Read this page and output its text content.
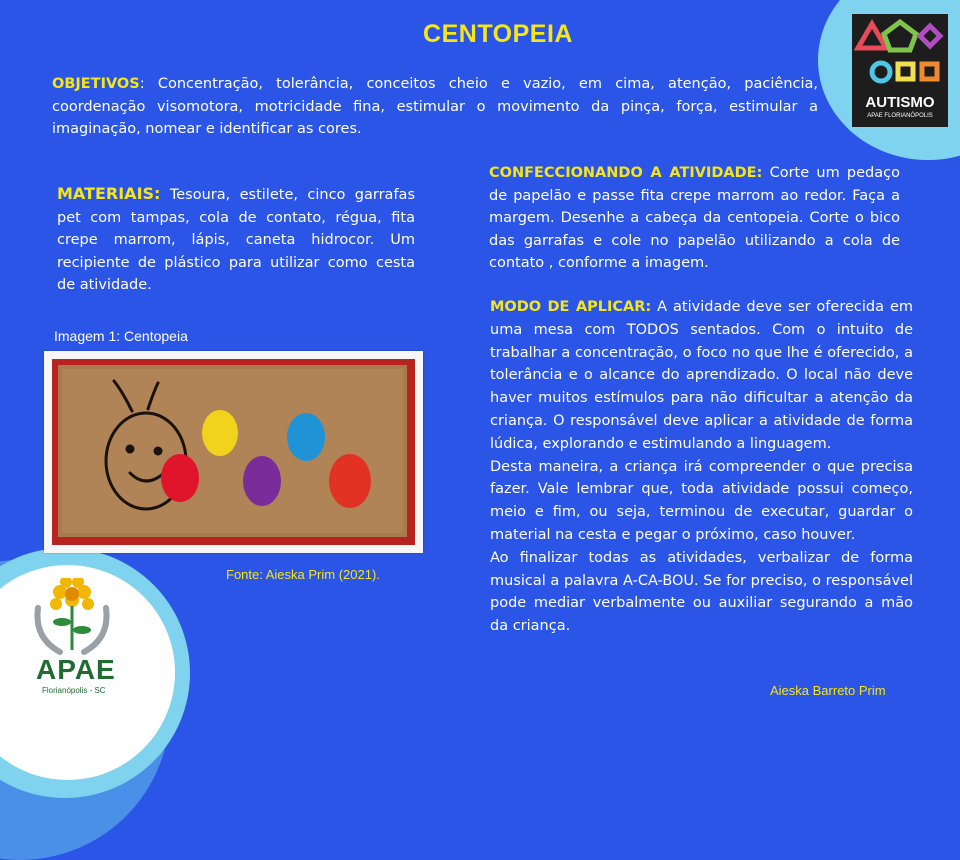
CENTOPEIA
OBJETIVOS: Concentração, tolerância, conceitos cheio e vazio, em cima, atenção, paciência, coordenação visomotora, motricidade fina, estimular o movimento da pinça, força, estimular a imaginação, nomear e identificar as cores.
MATERIAIS: Tesoura, estilete, cinco garrafas pet com tampas, cola de contato, régua, fita crepe marrom, lápis, caneta hidrocor. Um recipiente de plástico para utilizar como cesta de atividade.
CONFECCIONANDO A ATIVIDADE: Corte um pedaço de papelão e passe fita crepe marrom ao redor. Faça a margem. Desenhe a cabeça da centopeia. Corte o bico das garrafas e cole no papelão utilizando a cola de contato , conforme a imagem.
MODO DE APLICAR: A atividade deve ser oferecida em uma mesa com TODOS sentados. Com o intuito de trabalhar a concentração, o foco no que lhe é oferecido, a tolerância e o alcance do aprendizado. O local não deve haver muitos estímulos para não dificultar a atenção da criança. O responsável deve aplicar a atividade de forma lúdica, explorando e estimulando a linguagem.
Desta maneira, a criança irá compreender o que precisa fazer. Vale lembrar que, toda atividade possui começo, meio e fim, ou seja, terminou de executar, guardar o material na cesta e pegar o próximo, caso houver.
Ao finalizar todas as atividades, verbalizar de forma musical a palavra A-CA-BOU. Se for preciso, o responsável pode mediar verbalmente ou auxiliar segurando a mão da criança.
Imagem 1: Centopeia
Fonte: Aieska Prim (2021).
Aieska Barreto Prim
AUTISMO
APAE FLORIANÓPOLIS
APAE
Florianópolis - SC
